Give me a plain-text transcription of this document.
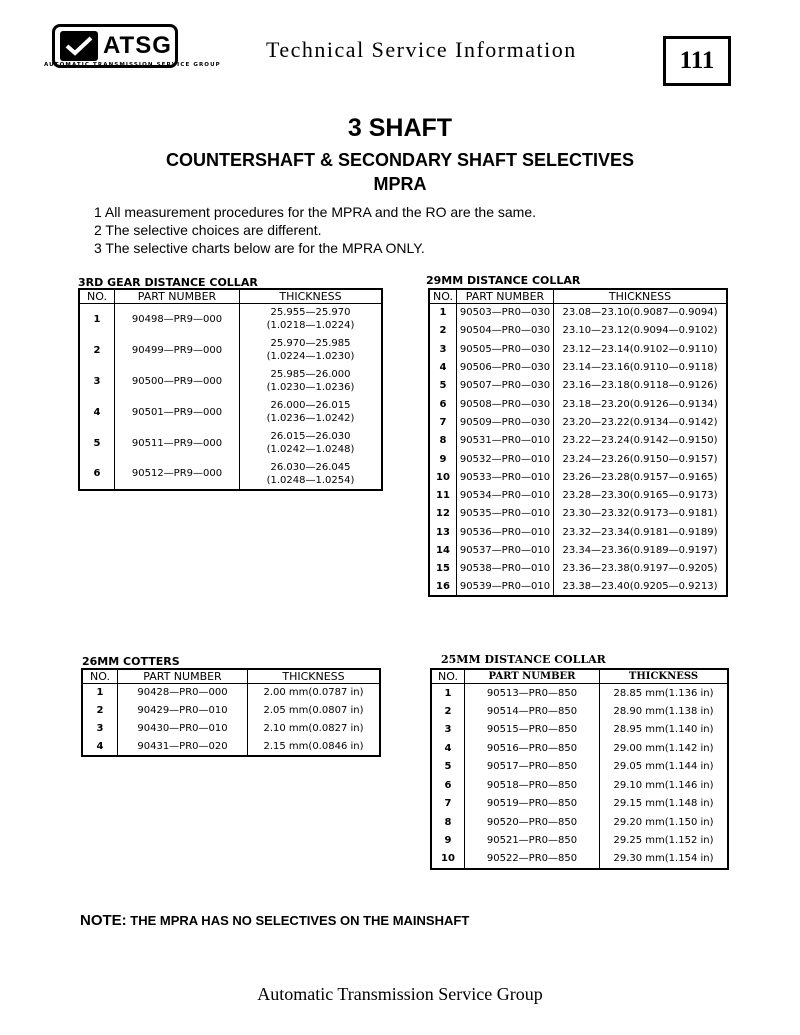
ATSG
AUTOMATIC TRANSMISSION SERVICE GROUP
Technical Service Information	111
3 SHAFT
COUNTERSHAFT & SECONDARY SHAFT SELECTIVES
MPRA
1 All measurement procedures for the MPRA and the RO are the same.
2 The selective choices are different.
3 The selective charts below are for the MPRA ONLY.
3RD GEAR DISTANCE COLLAR
NO.	PART NUMBER	THICKNESS
1	90498—PR9—000	25.955—25.970
(1.0218—1.0224)

2	90499—PR9—000	25.970—25.985
(1.0224—1.0230)

3	90500—PR9—000	25.985—26.000
(1.0230—1.0236)

4	90501—PR9—000	26.000—26.015
(1.0236—1.0242)

5	90511—PR9—000	26.015—26.030
(1.0242—1.0248)

6	90512—PR9—000	26.030—26.045
(1.0248—1.0254)
29MM DISTANCE COLLAR
NO.	PART NUMBER	THICKNESS
1	90503—PR0—030	23.08—23.10(0.9087—0.9094)
2	90504—PR0—030	23.10—23.12(0.9094—0.9102)
3	90505—PR0—030	23.12—23.14(0.9102—0.9110)
4	90506—PR0—030	23.14—23.16(0.9110—0.9118)
5	90507—PR0—030	23.16—23.18(0.9118—0.9126)
6	90508—PR0—030	23.18—23.20(0.9126—0.9134)
7	90509—PR0—030	23.20—23.22(0.9134—0.9142)
8	90531—PR0—010	23.22—23.24(0.9142—0.9150)
9	90532—PR0—010	23.24—23.26(0.9150—0.9157)
10	90533—PR0—010	23.26—23.28(0.9157—0.9165)
11	90534—PR0—010	23.28—23.30(0.9165—0.9173)
12	90535—PR0—010	23.30—23.32(0.9173—0.9181)
13	90536—PR0—010	23.32—23.34(0.9181—0.9189)
14	90537—PR0—010	23.34—23.36(0.9189—0.9197)
15	90538—PR0—010	23.36—23.38(0.9197—0.9205)
16	90539—PR0—010	23.38—23.40(0.9205—0.9213)
26MM COTTERS
NO.	PART NUMBER	THICKNESS
1	90428—PR0—000	2.00 mm(0.0787 in)
2	90429—PR0—010	2.05 mm(0.0807 in)
3	90430—PR0—010	2.10 mm(0.0827 in)
4	90431—PR0—020	2.15 mm(0.0846 in)
25MM DISTANCE COLLAR
NO.	PART NUMBER	THICKNESS
1	90513—PR0—850	28.85 mm(1.136 in)
2	90514—PR0—850	28.90 mm(1.138 in)
3	90515—PR0—850	28.95 mm(1.140 in)
4	90516—PR0—850	29.00 mm(1.142 in)
5	90517—PR0—850	29.05 mm(1.144 in)
6	90518—PR0—850	29.10 mm(1.146 in)
7	90519—PR0—850	29.15 mm(1.148 in)
8	90520—PR0—850	29.20 mm(1.150 in)
9	90521—PR0—850	29.25 mm(1.152 in)
10	90522—PR0—850	29.30 mm(1.154 in)
NOTE: THE MPRA HAS NO SELECTIVES ON THE MAINSHAFT
Automatic Transmission Service Group
